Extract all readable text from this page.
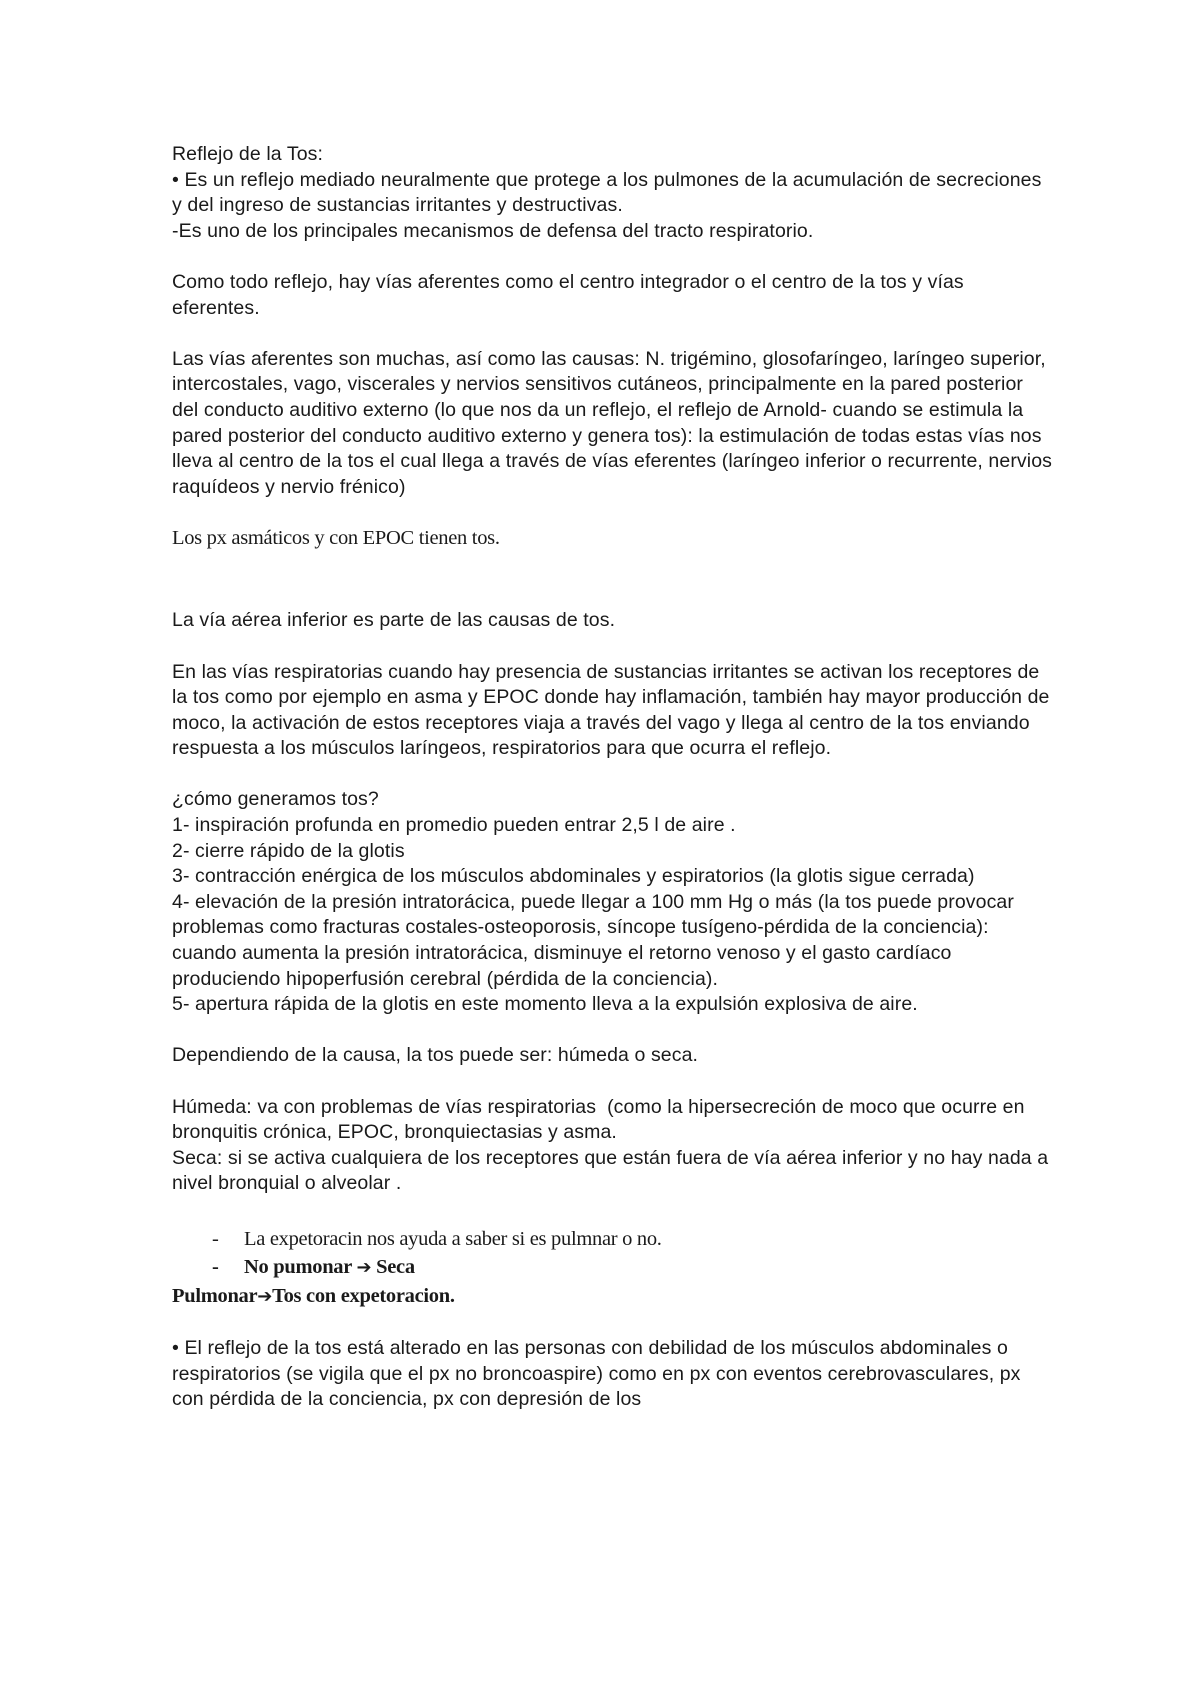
Reflejo de la Tos:

• Es un reflejo mediado neuralmente que protege a los pulmones de la acumulación de secreciones y del ingreso de sustancias irritantes y destructivas.

-Es uno de los principales mecanismos de defensa del tracto respiratorio.

Como todo reflejo, hay vías aferentes como el centro integrador o el centro de la tos y vías eferentes.

Las vías aferentes son muchas, así como las causas: N. trigémino, glosofaríngeo, laríngeo superior, intercostales, vago, viscerales y nervios sensitivos cutáneos, principalmente en la pared posterior del conducto auditivo externo (lo que nos da un reflejo, el reflejo de Arnold- cuando se estimula la pared posterior del conducto auditivo externo y genera tos): la estimulación de todas estas vías nos lleva al centro de la tos el cual llega a través de vías eferentes (laríngeo inferior o recurrente, nervios raquídeos y nervio frénico)

Los px asmáticos y con EPOC tienen tos.

La vía aérea inferior es parte de las causas de tos.

En las vías respiratorias cuando hay presencia de sustancias irritantes se activan los receptores de la tos como por ejemplo en asma y EPOC donde hay inflamación, también hay mayor producción de moco, la activación de estos receptores viaja a través del vago y llega al centro de la tos enviando respuesta a los músculos laríngeos, respiratorios para que ocurra el reflejo.

¿cómo generamos tos?

1- inspiración profunda en promedio pueden entrar 2,5 l de aire .

2- cierre rápido de la glotis

3- contracción enérgica de los músculos abdominales y espiratorios (la glotis sigue cerrada)

4- elevación de la presión intratorácica, puede llegar a 100 mm Hg o más (la tos puede provocar problemas como fracturas costales-osteoporosis, síncope tusígeno-pérdida de la conciencia): cuando aumenta la presión intratorácica, disminuye el retorno venoso y el gasto cardíaco produciendo hipoperfusión cerebral (pérdida de la conciencia).

5- apertura rápida de la glotis en este momento lleva a la expulsión explosiva de aire.

Dependiendo de la causa, la tos puede ser: húmeda o seca.

Húmeda: va con problemas de vías respiratorias  (como la hipersecreción de moco que ocurre en bronquitis crónica, EPOC, bronquiectasias y asma.

Seca: si se activa cualquiera de los receptores que están fuera de vía aérea inferior y no hay nada a nivel bronquial o alveolar .

- La expetoracin nos ayuda a saber si es pulmnar o no.

- No pumonar ➔ Seca

Pulmonar➔Tos con expetoracion.

• El reflejo de la tos está alterado en las personas con debilidad de los músculos abdominales o respiratorios (se vigila que el px no broncoaspire) como en px con eventos cerebrovasculares, px con pérdida de la conciencia, px con depresión de los
